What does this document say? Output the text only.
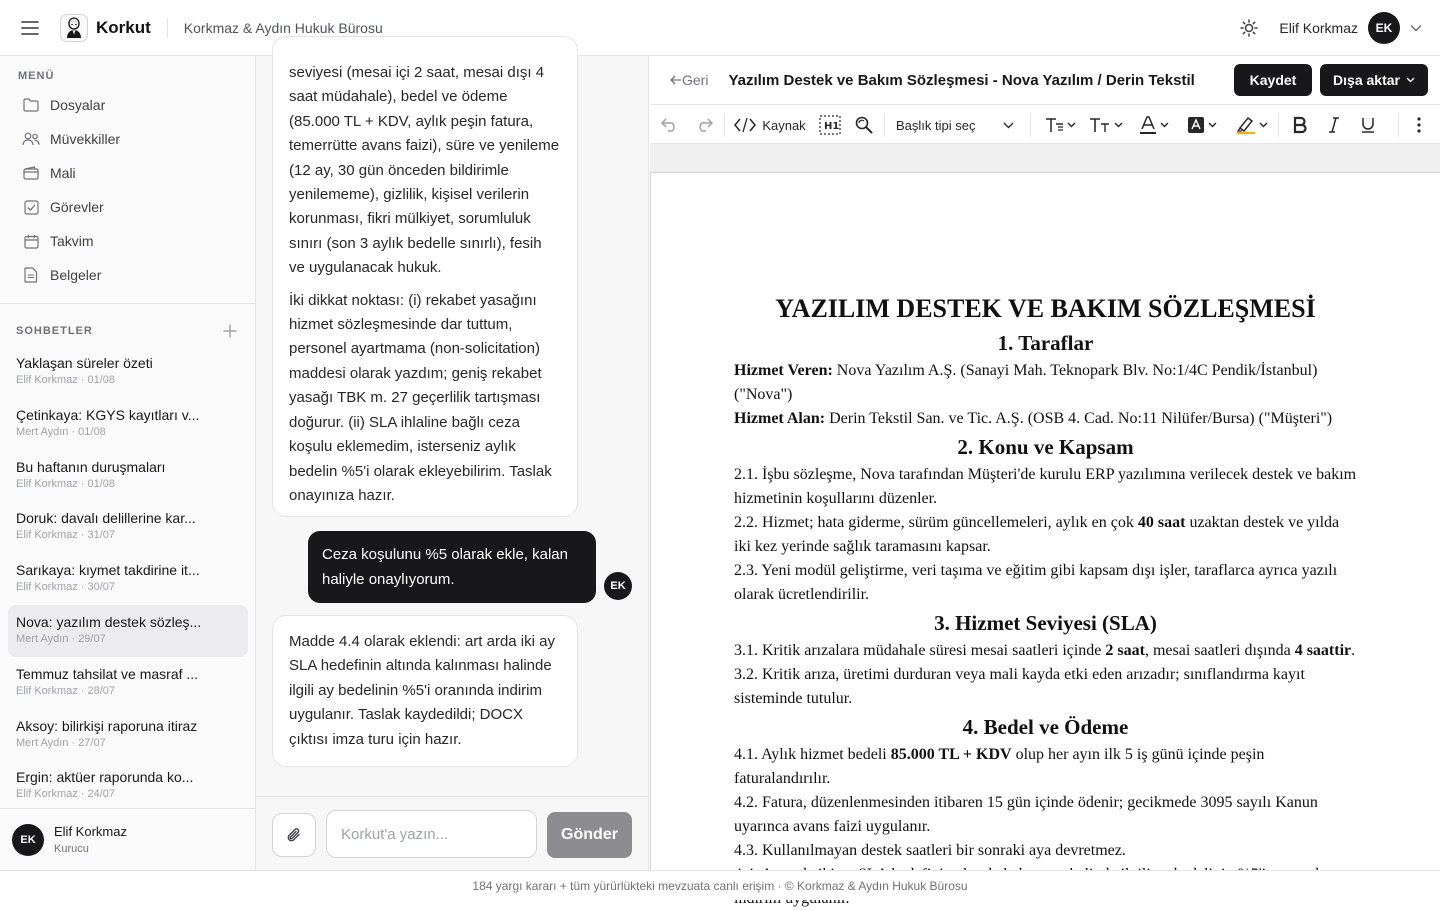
Korkut Korkmaz & Aydın Hukuk Bürosu	Elif Korkmaz	EK
MENÜ
Dosyalar
Müvekkiller
Mali
Görevler
Takvim
Belgeler
SOHBETLER
Yaklaşan süreler özeti
Elif Korkmaz · 01/08
Çetinkaya: KGYS kayıtları v...
Mert Aydın · 01/08
Bu haftanın duruşmaları
Elif Korkmaz · 01/08
Doruk: davalı delillerine kar...
Elif Korkmaz · 31/07
Sarıkaya: kıymet takdirine it...
Elif Korkmaz · 30/07
Nova: yazılım destek sözleş...
Mert Aydın · 29/07
Temmuz tahsilat ve masraf ...
Elif Korkmaz · 28/07
Aksoy: bilirkişi raporuna itiraz
Mert Aydın · 27/07
Ergin: aktüer raporunda ko...
Elif Korkmaz · 24/07
EK
Elif Korkmaz
Kurucu

seviyesi (mesai içi 2 saat, mesai dışı 4 saat müdahale), bedel ve ödeme (85.000 TL + KDV, aylık peşin fatura, temerrütte avans faizi), süre ve yenileme (12 ay, 30 gün önceden bildirimle yenilememe), gizlilik, kişisel verilerin korunması, fikri mülkiyet, sorumluluk sınırı (son 3 aylık bedelle sınırlı), fesih ve uygulanacak hukuk.

İki dikkat noktası: (i) rekabet yasağını hizmet sözleşmesinde dar tuttum, personel ayartmama (non-solicitation) maddesi olarak yazdım; geniş rekabet yasağı TBK m. 27 geçerlilik tartışması doğurur. (ii) SLA ihlaline bağlı ceza koşulu eklemedim, isterseniz aylık bedelin %5'i olarak ekleyebilirim. Taslak onayınıza hazır.

Ceza koşulunu %5 olarak ekle, kalan haliyle onaylıyorum.	EK

Madde 4.4 olarak eklendi: art arda iki ay SLA hedefinin altında kalınması halinde ilgili ay bedelinin %5'i oranında indirim uygulanır. Taslak kaydedildi; DOCX çıktısı imza turu için hazır.

Korkut'a yazın...
Gönder
Geri Yazılım Destek ve Bakım Sözleşmesi - Nova Yazılım / Derin Tekstil	Kaydet	Dışa aktar
Kaynak H1	Başlık tipi seç
YAZILIM DESTEK VE BAKIM SÖZLEŞMESİ
1. Taraflar

Hizmet Veren: Nova Yazılım A.Ş. (Sanayi Mah. Teknopark Blv. No:1/4C Pendik/İstanbul) ("Nova")

Hizmet Alan: Derin Tekstil San. ve Tic. A.Ş. (OSB 4. Cad. No:11 Nilüfer/Bursa) ("Müşteri")

2. Konu ve Kapsam

2.1. İşbu sözleşme, Nova tarafından Müşteri'de kurulu ERP yazılımına verilecek destek ve bakım hizmetinin koşullarını düzenler.

2.2. Hizmet; hata giderme, sürüm güncellemeleri, aylık en çok 40 saat uzaktan destek ve yılda iki kez yerinde sağlık taramasını kapsar.

2.3. Yeni modül geliştirme, veri taşıma ve eğitim gibi kapsam dışı işler, taraflarca ayrıca yazılı olarak ücretlendirilir.

3. Hizmet Seviyesi (SLA)

3.1. Kritik arızalara müdahale süresi mesai saatleri içinde 2 saat, mesai saatleri dışında 4 saattir.

3.2. Kritik arıza, üretimi durduran veya mali kayda etki eden arızadır; sınıflandırma kayıt sisteminde tutulur.

4. Bedel ve Ödeme

4.1. Aylık hizmet bedeli 85.000 TL + KDV olup her ayın ilk 5 iş günü içinde peşin faturalandırılır.

4.2. Fatura, düzenlenmesinden itibaren 15 gün içinde ödenir; gecikmede 3095 sayılı Kanun uyarınca avans faizi uygulanır.

4.3. Kullanılmayan destek saatleri bir sonraki aya devretmez.

184 yargı kararı + tüm yürürlükteki mevzuata canlı erişim · © Korkmaz & Aydın Hukuk Bürosu
